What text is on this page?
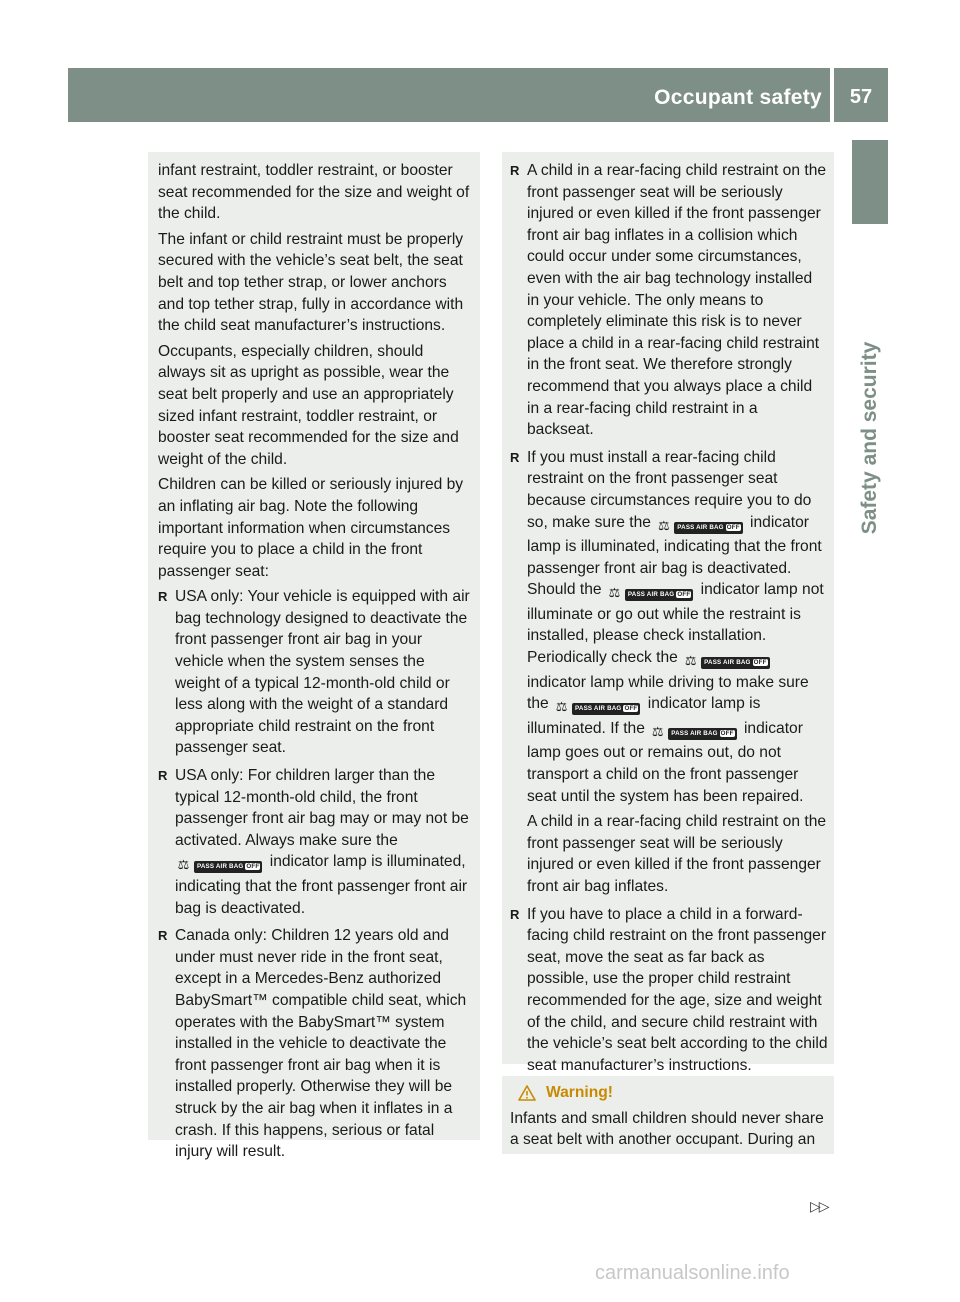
Occupant safety	57
Safety and security

infant restraint, toddler restraint, or booster seat recommended for the size and weight of the child.

The infant or child restraint must be properly secured with the vehicle’s seat belt, the seat belt and top tether strap, or lower anchors and top tether strap, fully in accordance with the child seat manufacturer’s instructions.

Occupants, especially children, should always sit as upright as possible, wear the seat belt properly and use an appropriately sized infant restraint, toddler restraint, or booster seat recommended for the size and weight of the child.

Children can be killed or seriously injured by an inflating air bag. Note the following important information when circumstances require you to place a child in the front passenger seat:

R USA only: Your vehicle is equipped with air bag technology designed to deactivate the front passenger front air bag in your vehicle when the system senses the weight of a typical 12-month-old child or less along with the weight of a standard appropriate child restraint on the front passenger seat.

R USA only: For children larger than the typical 12-month-old child, the front passenger front air bag may or may not be activated. Always make sure the ⚖ PASS AIR BAG OFF indicator lamp is illuminated, indicating that the front passenger front air bag is deactivated.

R Canada only: Children 12 years old and under must never ride in the front seat, except in a Mercedes-Benz authorized BabySmart™ compatible child seat, which operates with the BabySmart™ system installed in the vehicle to deactivate the front passenger front air bag when it is installed properly. Otherwise they will be struck by the air bag when it inflates in a crash. If this happens, serious or fatal injury will result.

R A child in a rear-facing child restraint on the front passenger seat will be seriously injured or even killed if the front passenger front air bag inflates in a collision which could occur under some circumstances, even with the air bag technology installed in your vehicle. The only means to completely eliminate this risk is to never place a child in a rear-facing child restraint in the front seat. We therefore strongly recommend that you always place a child in a rear-facing child restraint in a backseat.

R If you must install a rear-facing child restraint on the front passenger seat because circumstances require you to do so, make sure the ⚖ PASS AIR BAG OFF indicator lamp is illuminated, indicating that the front passenger front air bag is deactivated. Should the ⚖ PASS AIR BAG OFF indicator lamp not illuminate or go out while the restraint is installed, please check installation. Periodically check the ⚖ PASS AIR BAG OFF indicator lamp while driving to make sure the ⚖ PASS AIR BAG OFF indicator lamp is illuminated. If the ⚖ PASS AIR BAG OFF indicator lamp goes out or remains out, do not transport a child on the front passenger seat until the system has been repaired.

A child in a rear-facing child restraint on the front passenger seat will be seriously injured or even killed if the front passenger front air bag inflates.

R If you have to place a child in a forward-facing child restraint on the front passenger seat, move the seat as far back as possible, use the proper child restraint recommended for the age, size and weight of the child, and secure child restraint with the vehicle’s seat belt according to the child seat manufacturer’s instructions.

Warning!

Infants and small children should never share a seat belt with another occupant. During an

▷▷
carmanualsonline.info
